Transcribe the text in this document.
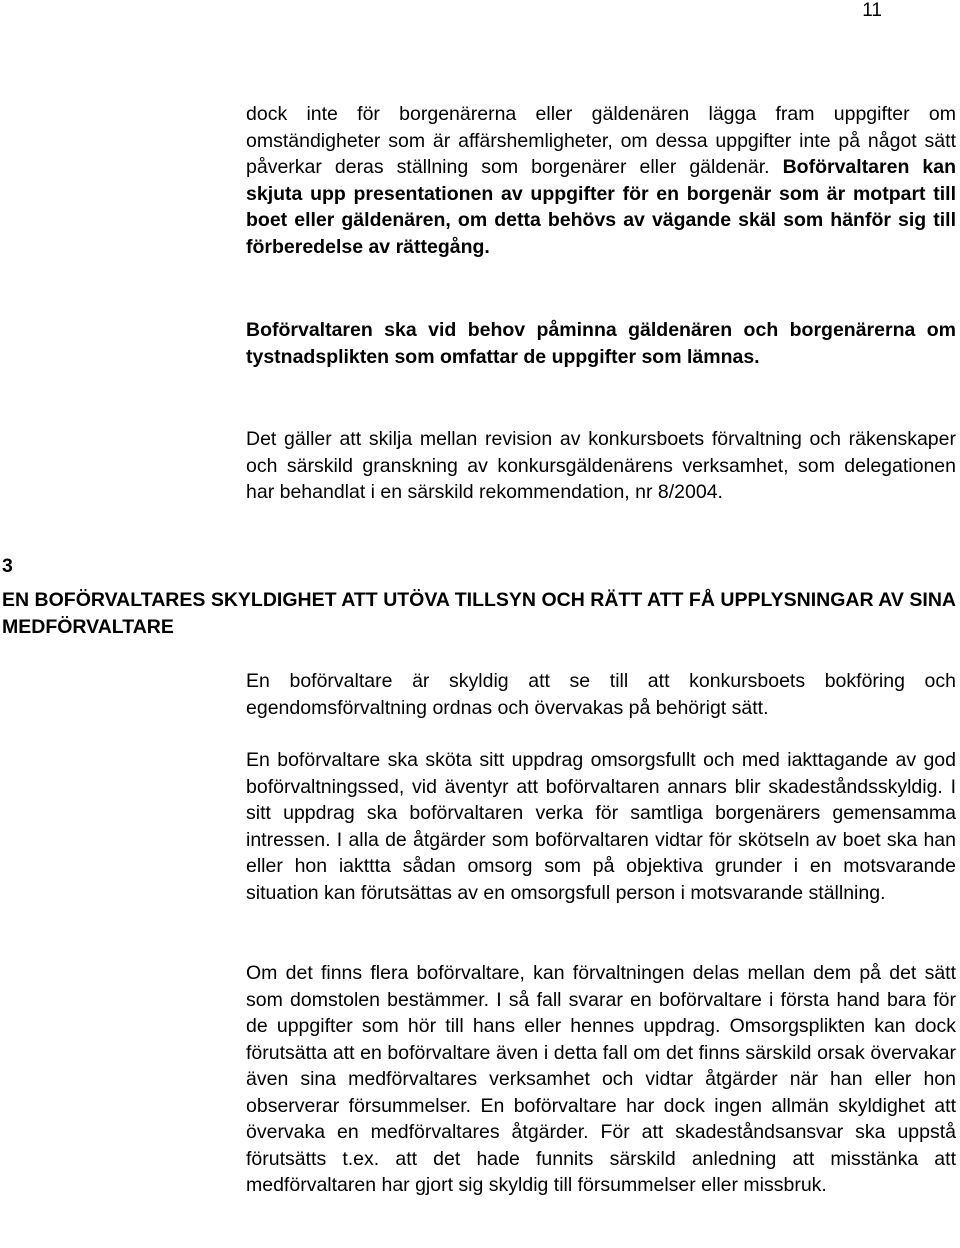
11

dock inte för borgenärerna eller gäldenären lägga fram uppgifter om omständigheter som är affärshemligheter, om dessa uppgifter inte på något sätt påverkar deras ställning som borgenärer eller gäldenär. Boförvaltaren kan skjuta upp presentationen av uppgifter för en borgenär som är motpart till boet eller gäldenären, om detta behövs av vägande skäl som hänför sig till förberedelse av rättegång.

Boförvaltaren ska vid behov påminna gäldenären och borgenärerna om tystnadsplikten som omfattar de uppgifter som lämnas.

Det gäller att skilja mellan revision av konkursboets förvaltning och räkenskaper och särskild granskning av konkursgäldenärens verksamhet, som delegationen har behandlat i en särskild rekommendation, nr 8/2004.

3
EN BOFÖRVALTARES SKYLDIGHET ATT UTÖVA TILLSYN OCH RÄTT ATT FÅ UPPLYSNINGAR AV SINA MEDFÖRVALTARE

En boförvaltare är skyldig att se till att konkursboets bokföring och egendomsförvaltning ordnas och övervakas på behörigt sätt.

En boförvaltare ska sköta sitt uppdrag omsorgsfullt och med iakttagande av god boförvaltningssed, vid äventyr att boförvaltaren annars blir skadeståndsskyldig. I sitt uppdrag ska boförvaltaren verka för samtliga borgenärers gemensamma intressen. I alla de åtgärder som boförvaltaren vidtar för skötseln av boet ska han eller hon iakttta sådan omsorg som på objektiva grunder i en motsvarande situation kan förutsättas av en omsorgsfull person i motsvarande ställning.

Om det finns flera boförvaltare, kan förvaltningen delas mellan dem på det sätt som domstolen bestämmer. I så fall svarar en boförvaltare i första hand bara för de uppgifter som hör till hans eller hennes uppdrag. Omsorgsplikten kan dock förutsätta att en boförvaltare även i detta fall om det finns särskild orsak övervakar även sina medförvaltares verksamhet och vidtar åtgärder när han eller hon observerar försummelser. En boförvaltare har dock ingen allmän skyldighet att övervaka en medförvaltares åtgärder. För att skadeståndsansvar ska uppstå förutsätts t.ex. att det hade funnits särskild anledning att misstänka att medförvaltaren har gjort sig skyldig till försummelser eller missbruk.
